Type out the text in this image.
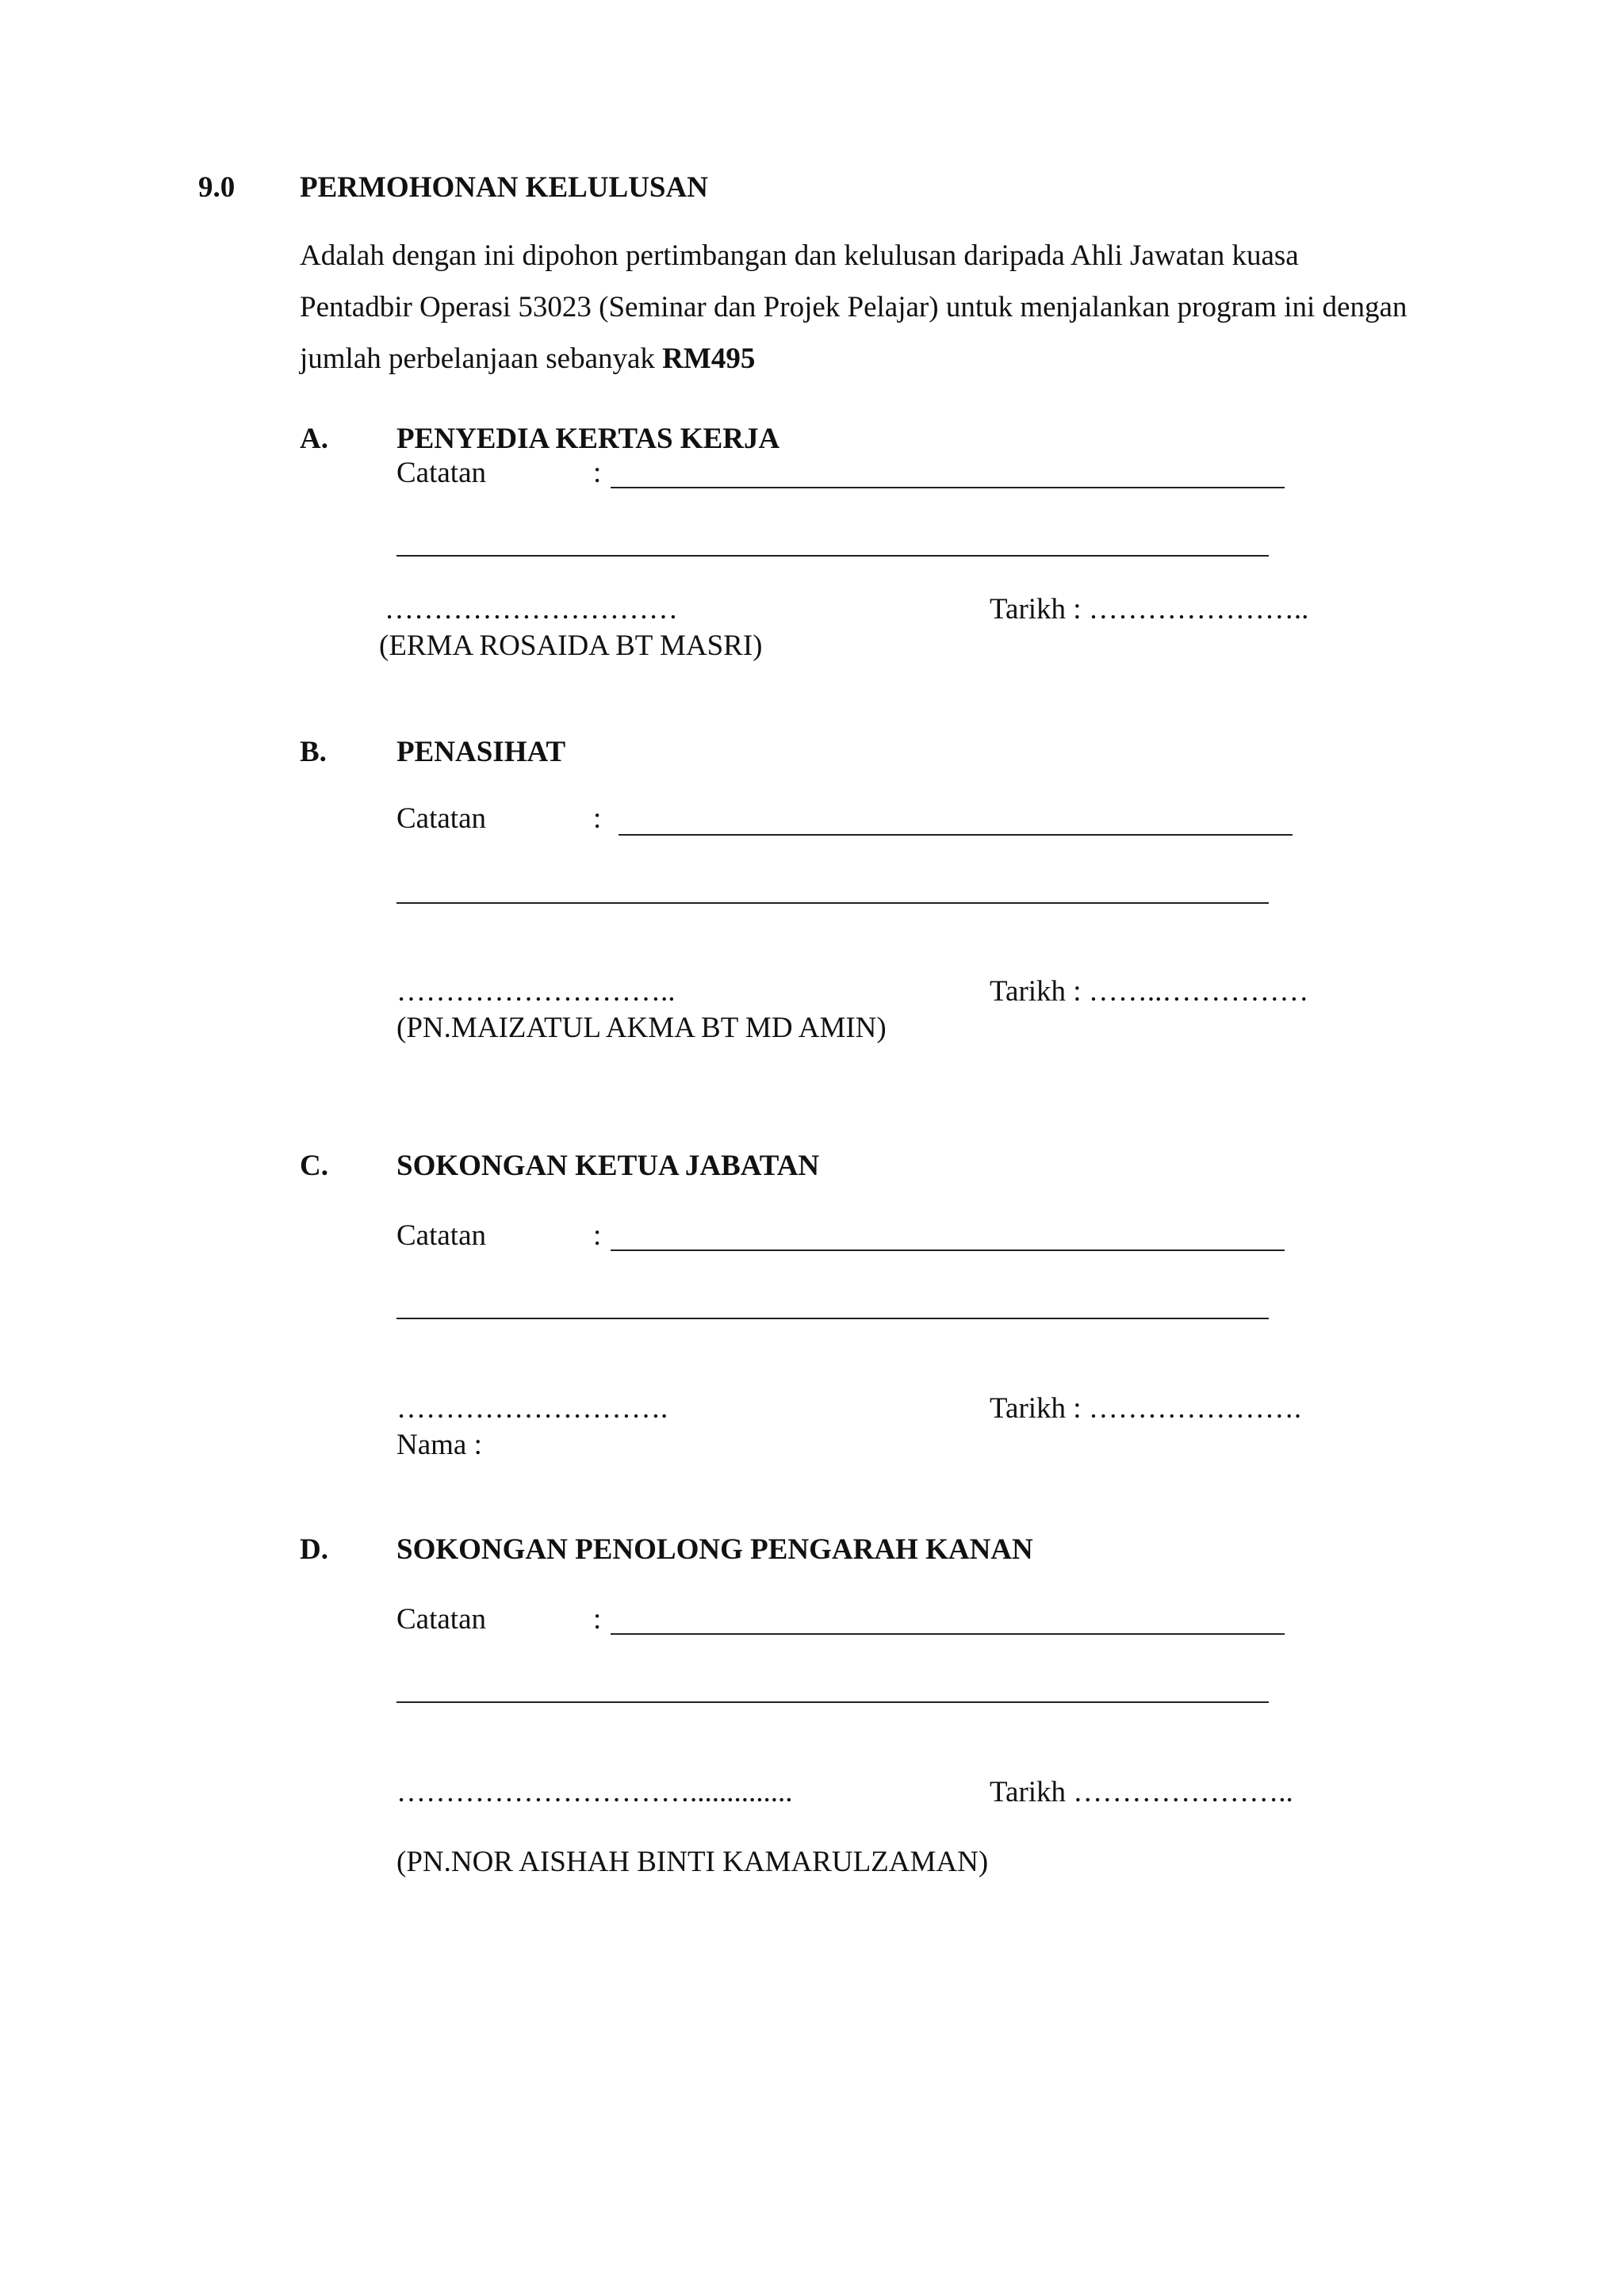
9.0 PERMOHONAN KELULUSAN
Adalah dengan ini dipohon pertimbangan dan kelulusan daripada Ahli Jawatan kuasa
Pentadbir Operasi 53023 (Seminar dan Projek Pelajar) untuk menjalankan program ini dengan
jumlah perbelanjaan sebanyak RM495
A. PENYEDIA KERTAS KERJA
Catatan	:
…………………………	Tarikh : …………………..
(ERMA ROSAIDA BT MASRI)
B. PENASIHAT
Catatan	:
………………………..	Tarikh : ……..……………
(PN.MAIZATUL AKMA BT MD AMIN)
C. SOKONGAN KETUA JABATAN
Catatan	:
……………………….	Tarikh : ………………….
Nama :
D. SOKONGAN PENOLONG PENGARAH KANAN
Catatan	:
…………………………..............	Tarikh …………………..
(PN.NOR AISHAH BINTI KAMARULZAMAN)
